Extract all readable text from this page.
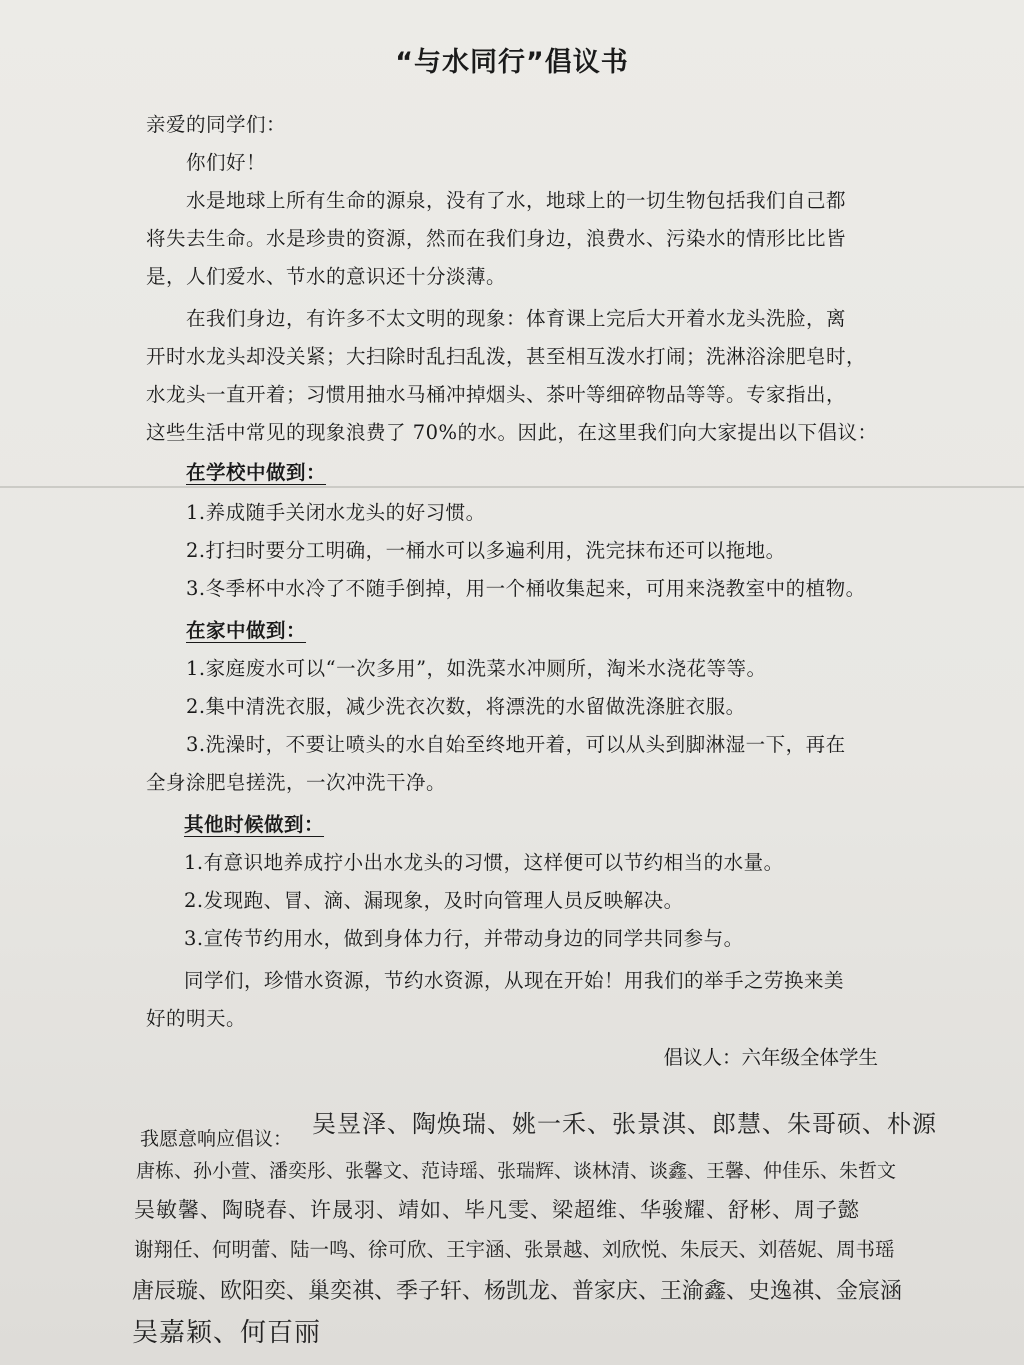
“与水同行”倡议书

亲爱的同学们：

你们好！

水是地球上所有生命的源泉，没有了水，地球上的一切生物包括我们自己都

将失去生命。水是珍贵的资源，然而在我们身边，浪费水、污染水的情形比比皆

是，人们爱水、节水的意识还十分淡薄。

在我们身边，有许多不太文明的现象：体育课上完后大开着水龙头洗脸，离

开时水龙头却没关紧；大扫除时乱扫乱泼，甚至相互泼水打闹；洗淋浴涂肥皂时，

水龙头一直开着；习惯用抽水马桶冲掉烟头、茶叶等细碎物品等等。专家指出，

这些生活中常见的现象浪费了 70%的水。因此，在这里我们向大家提出以下倡议：

在学校中做到：

1.养成随手关闭水龙头的好习惯。

2.打扫时要分工明确，一桶水可以多遍利用，洗完抹布还可以拖地。

3.冬季杯中水冷了不随手倒掉，用一个桶收集起来，可用来浇教室中的植物。

在家中做到：

1.家庭废水可以“一次多用”，如洗菜水冲厕所，淘米水浇花等等。

2.集中清洗衣服，减少洗衣次数，将漂洗的水留做洗涤脏衣服。

3.洗澡时，不要让喷头的水自始至终地开着，可以从头到脚淋湿一下，再在

全身涂肥皂搓洗，一次冲洗干净。

其他时候做到：

1.有意识地养成拧小出水龙头的习惯，这样便可以节约相当的水量。

2.发现跑、冒、滴、漏现象，及时向管理人员反映解决。

3.宣传节约用水，做到身体力行，并带动身边的同学共同参与。

同学们，珍惜水资源，节约水资源，从现在开始！用我们的举手之劳换来美

好的明天。

倡议人：六年级全体学生

我愿意响应倡议：

吴昱泽、陶焕瑞、姚一禾、张景淇、郎慧、朱哥硕、朴源

唐栋、孙小萱、潘奕彤、张馨文、范诗瑶、张瑞辉、谈林清、谈鑫、王馨、仲佳乐、朱哲文

吴敏馨、陶晓春、许晟羽、靖如、毕凡雯、梁超维、华骏耀、舒彬、周子懿

谢翔任、何明蕾、陆一鸣、徐可欣、王宇涵、张景越、刘欣悦、朱辰天、刘蓓妮、周书瑶

唐辰璇、欧阳奕、巢奕祺、季子轩、杨凯龙、普家庆、王渝鑫、史逸祺、金宸涵

吴嘉颖、何百丽
